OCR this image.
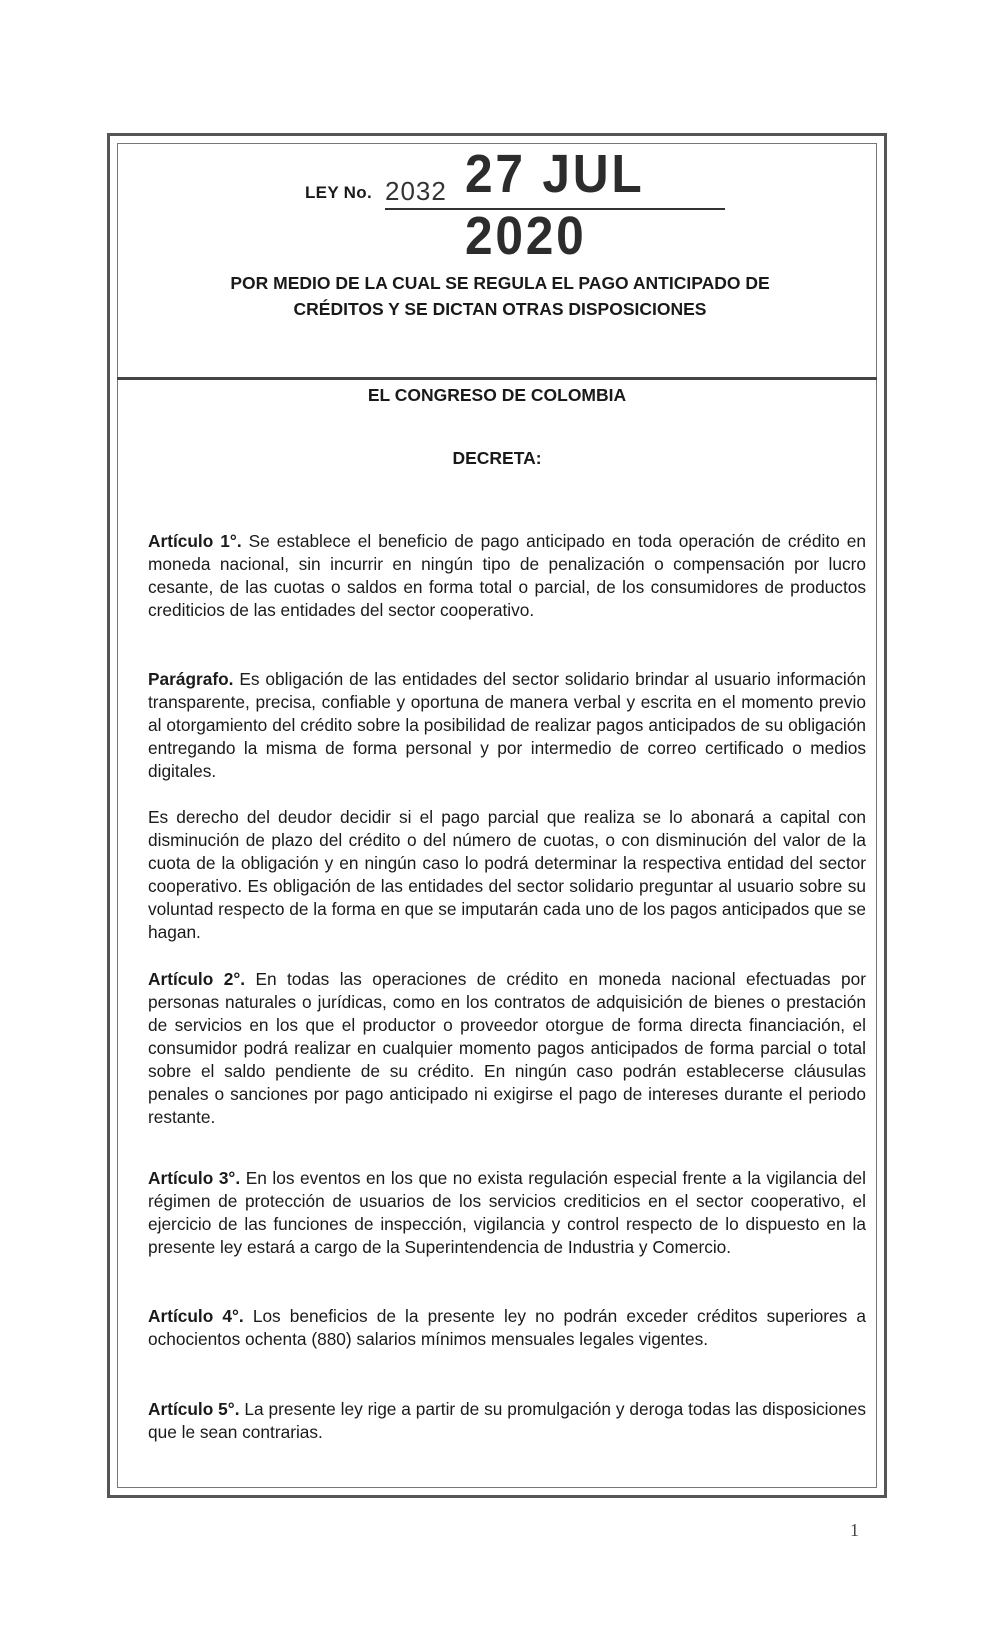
LEY No. 2032 27 JUL 2020
POR MEDIO DE LA CUAL SE REGULA EL PAGO ANTICIPADO DE
CRÉDITOS Y SE DICTAN OTRAS DISPOSICIONES
EL CONGRESO DE COLOMBIA
DECRETA:
Artículo 1°. Se establece el beneficio de pago anticipado en toda operación de crédito en moneda nacional, sin incurrir en ningún tipo de penalización o compensación por lucro cesante, de las cuotas o saldos en forma total o parcial, de los consumidores de productos crediticios de las entidades del sector cooperativo.
Parágrafo. Es obligación de las entidades del sector solidario brindar al usuario información transparente, precisa, confiable y oportuna de manera verbal y escrita en el momento previo al otorgamiento del crédito sobre la posibilidad de realizar pagos anticipados de su obligación entregando la misma de forma personal y por intermedio de correo certificado o medios digitales.
Es derecho del deudor decidir si el pago parcial que realiza se lo abonará a capital con disminución de plazo del crédito o del número de cuotas, o con disminución del valor de la cuota de la obligación y en ningún caso lo podrá determinar la respectiva entidad del sector cooperativo. Es obligación de las entidades del sector solidario preguntar al usuario sobre su voluntad respecto de la forma en que se imputarán cada uno de los pagos anticipados que se hagan.
Artículo 2°. En todas las operaciones de crédito en moneda nacional efectuadas por personas naturales o jurídicas, como en los contratos de adquisición de bienes o prestación de servicios en los que el productor o proveedor otorgue de forma directa financiación, el consumidor podrá realizar en cualquier momento pagos anticipados de forma parcial o total sobre el saldo pendiente de su crédito. En ningún caso podrán establecerse cláusulas penales o sanciones por pago anticipado ni exigirse el pago de intereses durante el periodo restante.
Artículo 3°. En los eventos en los que no exista regulación especial frente a la vigilancia del régimen de protección de usuarios de los servicios crediticios en el sector cooperativo, el ejercicio de las funciones de inspección, vigilancia y control respecto de lo dispuesto en la presente ley estará a cargo de la Superintendencia de Industria y Comercio.
Artículo 4°. Los beneficios de la presente ley no podrán exceder créditos superiores a ochocientos ochenta (880) salarios mínimos mensuales legales vigentes.
Artículo 5°. La presente ley rige a partir de su promulgación y deroga todas las disposiciones que le sean contrarias.
1
